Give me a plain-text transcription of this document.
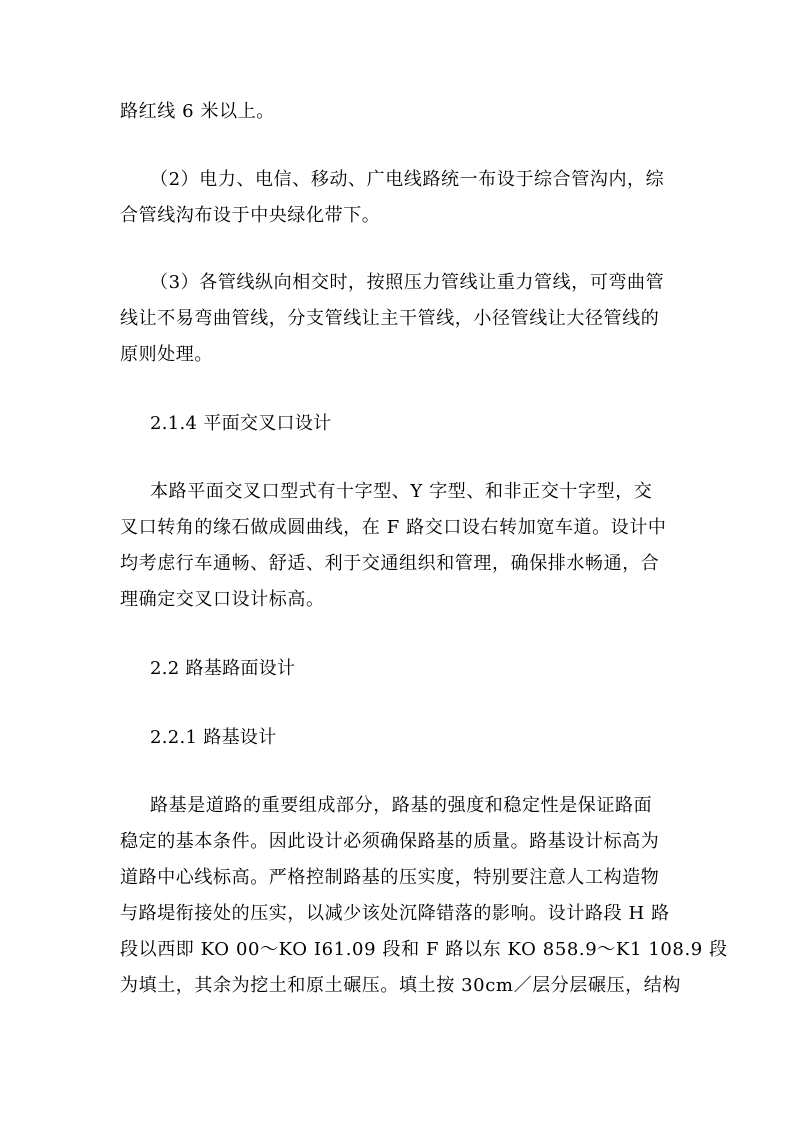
路红线 6 米以上。
（2）电力、电信、移动、广电线路统一布设于综合管沟内，综
合管线沟布设于中央绿化带下。
（3）各管线纵向相交时，按照压力管线让重力管线，可弯曲管
线让不易弯曲管线，分支管线让主干管线，小径管线让大径管线的
原则处理。
2.1.4 平面交叉口设计
本路平面交叉口型式有十字型、Y 字型、和非正交十字型，交
叉口转角的缘石做成圆曲线，在 F 路交口设右转加宽车道。设计中
均考虑行车通畅、舒适、利于交通组织和管理，确保排水畅通，合
理确定交叉口设计标高。
2.2 路基路面设计
2.2.1 路基设计
路基是道路的重要组成部分，路基的强度和稳定性是保证路面
稳定的基本条件。因此设计必须确保路基的质量。路基设计标高为
道路中心线标高。严格控制路基的压实度，特别要注意人工构造物
与路堤衔接处的压实，以减少该处沉降错落的影响。设计路段 H 路
段以西即 KO 00～KO I61.09 段和 F 路以东 KO 858.9～K1 108.9 段
为填土，其余为挖土和原土碾压。填土按 30cm／层分层碾压，结构
